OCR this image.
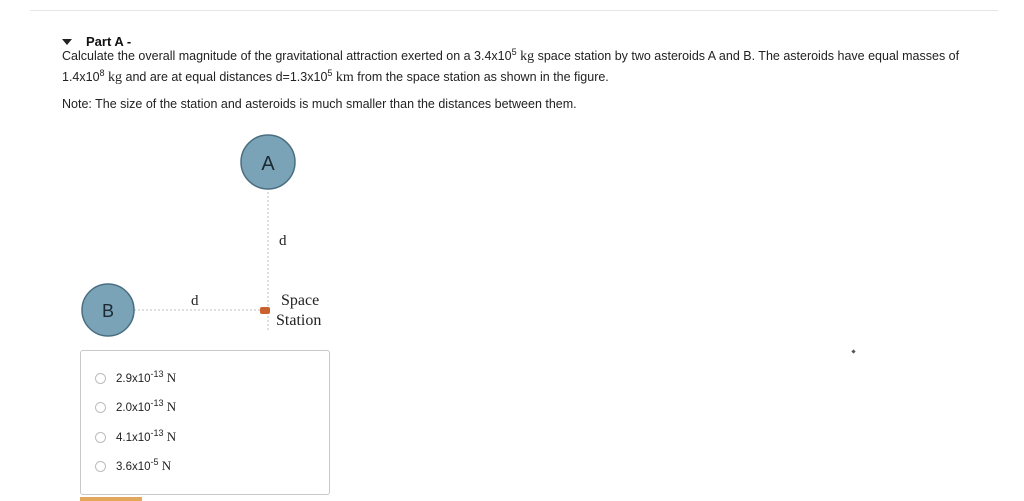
Part A -
Calculate the overall magnitude of the gravitational attraction exerted on a $3.4x10^5$ kg space station by two asteroids A and B. The asteroids have equal masses of $1.4x10^8$ kg and are at equal distances $d=1.3x10^5$ km from the space station as shown in the figure.
Note: The size of the station and asteroids is much smaller than the distances between them.
A
B
d
d	Space
Station
$2.9x10^{-13}$ N
$2.0x10^{-13}$ N
$4.1x10^{-13}$ N
$3.6x10^{-5}$ N
